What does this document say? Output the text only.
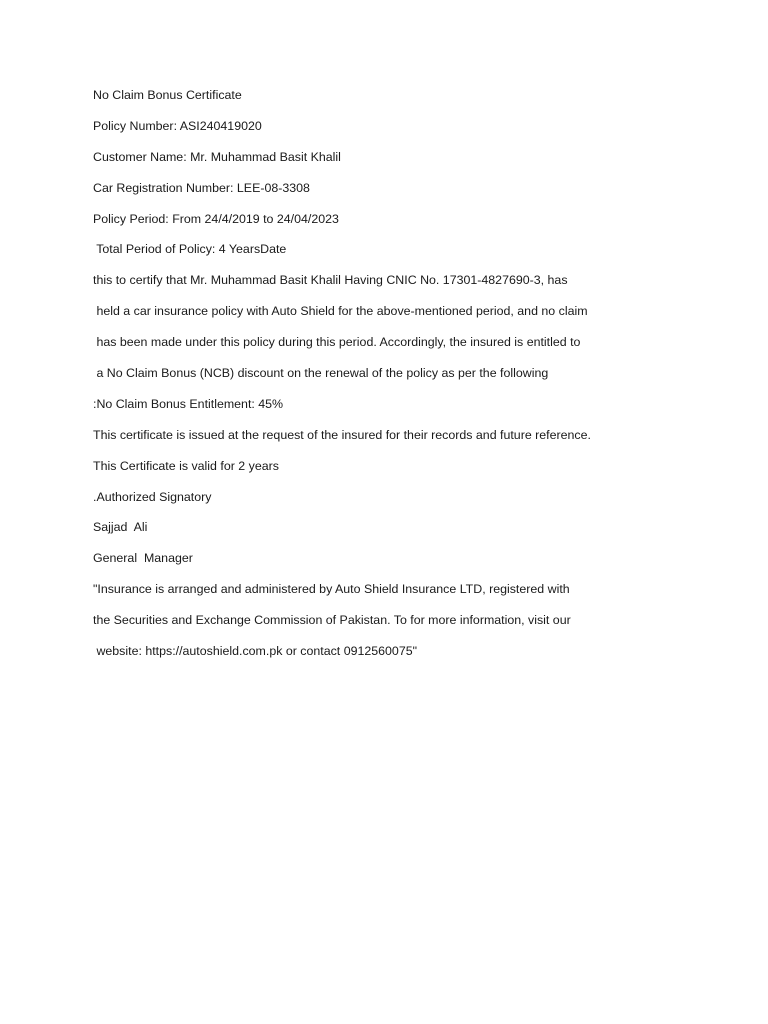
No Claim Bonus Certificate
Policy Number: ASI240419020
Customer Name: Mr. Muhammad Basit Khalil
Car Registration Number: LEE-08-3308
Policy Period: From 24/4/2019 to 24/04/2023
Total Period of Policy: 4 YearsDate
this to certify that Mr. Muhammad Basit Khalil Having CNIC No. 17301-4827690-3, has
held a car insurance policy with Auto Shield for the above-mentioned period, and no claim
has been made under this policy during this period. Accordingly, the insured is entitled to
a No Claim Bonus (NCB) discount on the renewal of the policy as per the following
:No Claim Bonus Entitlement: 45%
This certificate is issued at the request of the insured for their records and future reference.
This Certificate is valid for 2 years
.Authorized Signatory
Sajjad  Ali
General  Manager
"Insurance is arranged and administered by Auto Shield Insurance LTD, registered with
the Securities and Exchange Commission of Pakistan. To for more information, visit our
website: https://autoshield.com.pk or contact 0912560075"
